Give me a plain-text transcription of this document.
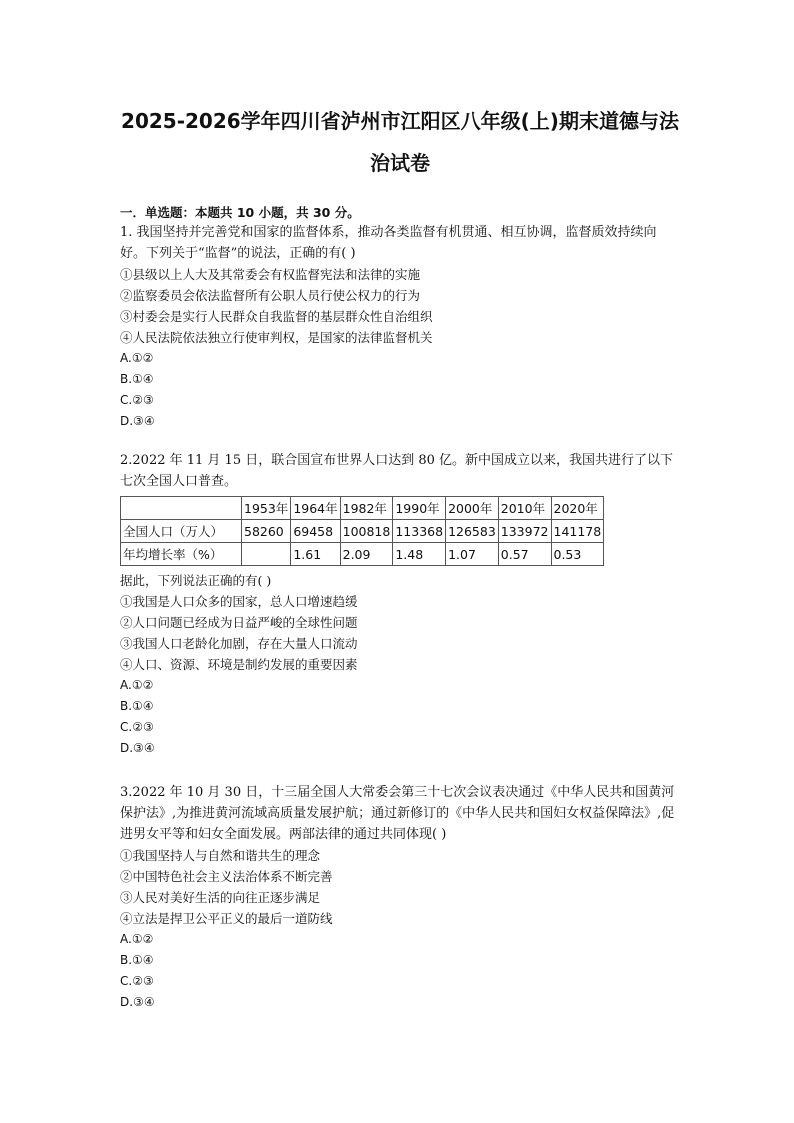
2025-2026学年四川省泸州市江阳区八年级(上)期末道德与法
治试卷
一．单选题：本题共 10 小题，共 30 分。

1. 我国坚持并完善党和国家的监督体系，推动各类监督有机贯通、相互协调，监督质效持续向好。下列关于“监督”的说法，正确的有( )

①县级以上人大及其常委会有权监督宪法和法律的实施
②监察委员会依法监督所有公职人员行使公权力的行为
③村委会是实行人民群众自我监督的基层群众性自治组织
④人民法院依法独立行使审判权，是国家的法律监督机关
A.①②
B.①④
C.②③
D.③④

2.2022 年 11 月 15 日，联合国宣布世界人口达到 80 亿。新中国成立以来，我国共进行了以下七次全国人口普查。

	1953年	1964年	1982年	1990年	2000年	2010年	2020年
全国人口（万人）	58260	69458	100818	113368	126583	133972	141178
年均增长率（%）		1.61	2.09	1.48	1.07	0.57	0.53
据此，下列说法正确的有( )
①我国是人口众多的国家，总人口增速趋缓
②人口问题已经成为日益严峻的全球性问题
③我国人口老龄化加剧，存在大量人口流动
④人口、资源、环境是制约发展的重要因素
A.①②
B.①④
C.②③
D.③④

3.2022 年 10 月 30 日，十三届全国人大常委会第三十七次会议表决通过《中华人民共和国黄河保护法》,为推进黄河流域高质量发展护航；通过新修订的《中华人民共和国妇女权益保障法》,促进男女平等和妇女全面发展。两部法律的通过共同体现( )

①我国坚持人与自然和谐共生的理念
②中国特色社会主义法治体系不断完善
③人民对美好生活的向往正逐步满足
④立法是捍卫公平正义的最后一道防线
A.①②
B.①④
C.②③
D.③④
